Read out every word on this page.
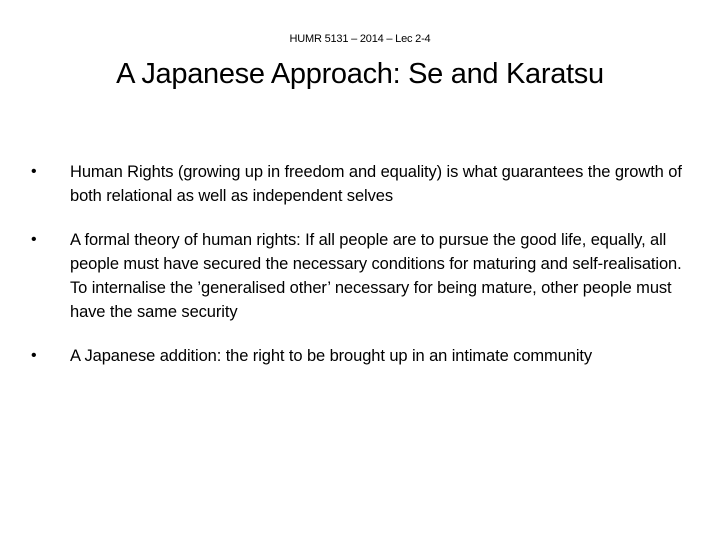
HUMR 5131 – 2014 – Lec 2-4
A Japanese Approach: Se and Karatsu
• Human Rights (growing up in freedom and equality) is what guarantees the growth of both relational as well as independent selves
• A formal theory of human rights: If all people are to pursue the good life, equally, all people must have secured the necessary conditions for maturing and self-realisation. To internalise the ’generalised other’ necessary for being mature, other people must have the same security
• A Japanese addition: the right to be brought up in an intimate community
